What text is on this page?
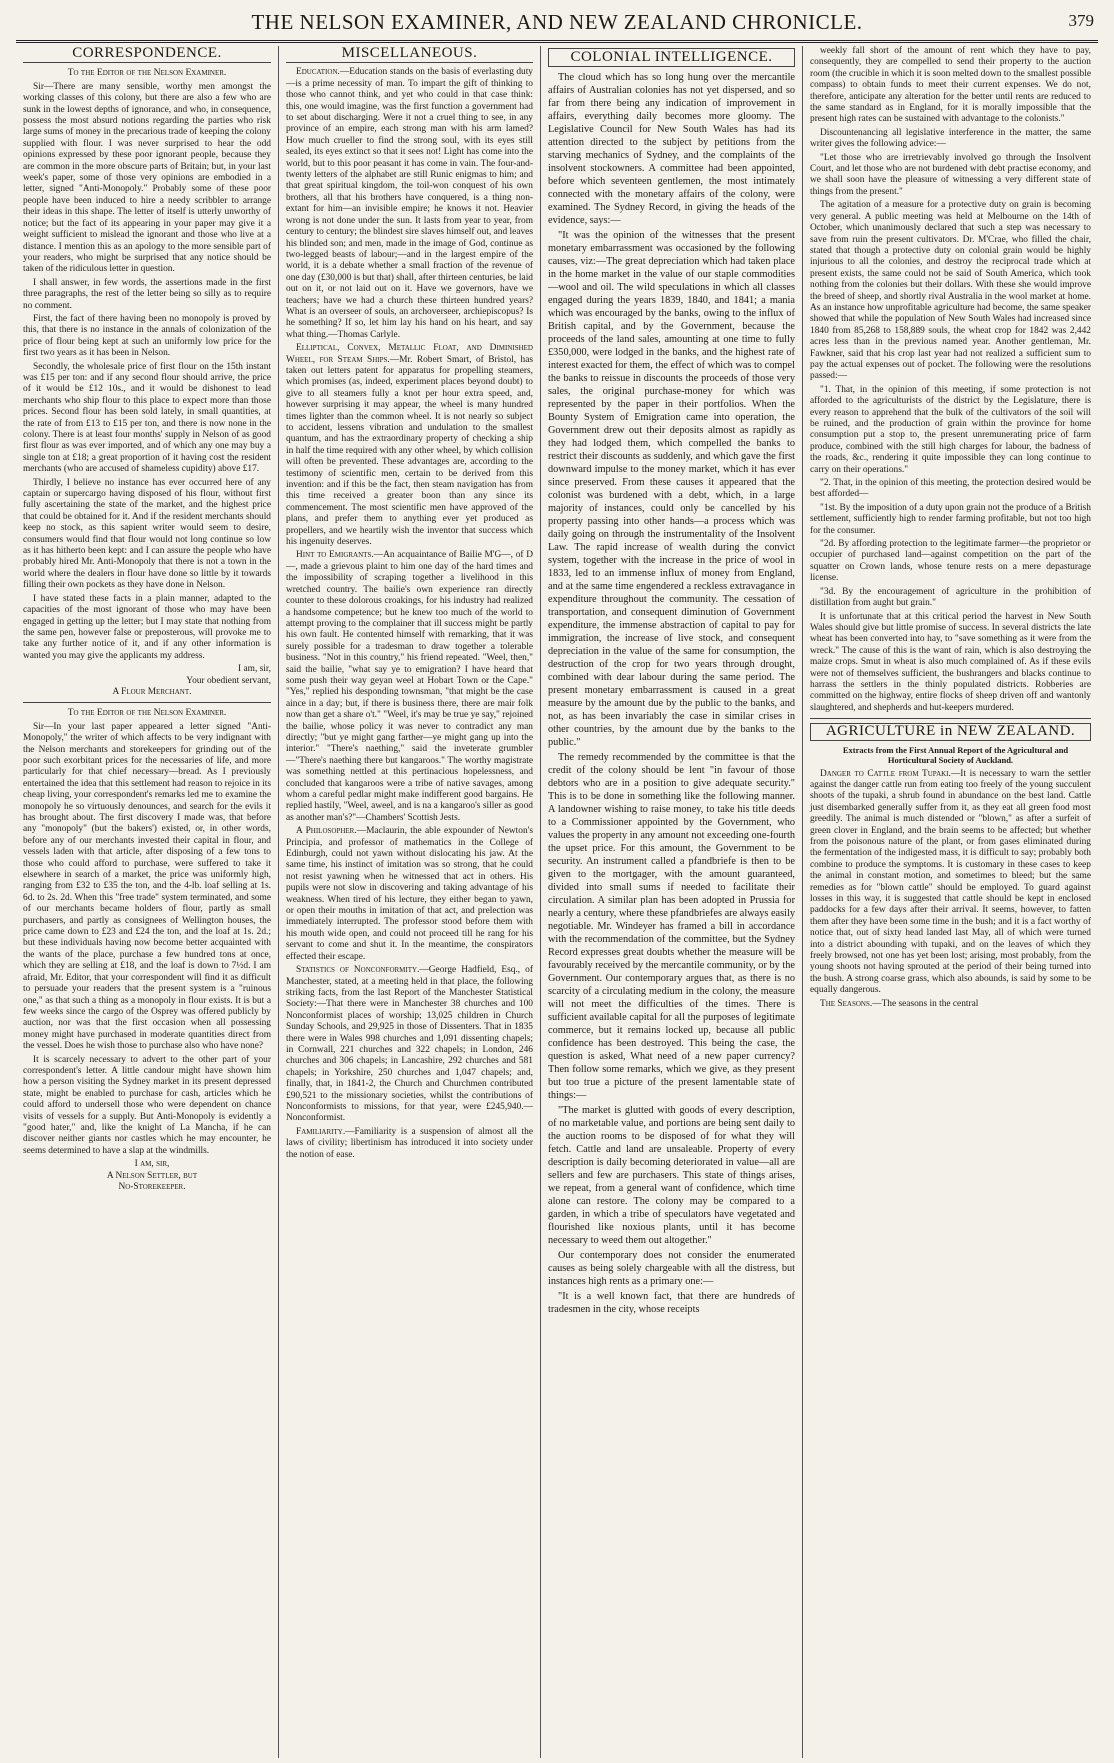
THE NELSON EXAMINER, AND NEW ZEALAND CHRONICLE.	379
CORRESPONDENCE.
To the Editor of the Nelson Examiner.

Sir—There are many sensible, worthy men amongst the working classes of this colony, but there are also a few who are sunk in the lowest depths of ignorance, and who, in consequence, possess the most absurd notions regarding the parties who risk large sums of money in the precarious trade of keeping the colony supplied with flour. I was never surprised to hear the odd opinions expressed by these poor ignorant people, because they are common in the more obscure parts of Britain; but, in your last week's paper, some of those very opinions are embodied in a letter, signed "Anti-Monopoly." Probably some of these poor people have been induced to hire a needy scribbler to arrange their ideas in this shape. The letter of itself is utterly unworthy of notice; but the fact of its appearing in your paper may give it a weight sufficient to mislead the ignorant and those who live at a distance. I mention this as an apology to the more sensible part of your readers, who might be surprised that any notice should be taken of the ridiculous letter in question.

I shall answer, in few words, the assertions made in the first three paragraphs, the rest of the letter being so silly as to require no comment.

First, the fact of there having been no monopoly is proved by this, that there is no instance in the annals of colonization of the price of flour being kept at such an uniformly low price for the first two years as it has been in Nelson.

Secondly, the wholesale price of first flour on the 15th instant was £15 per ton: and if any second flour should arrive, the price of it would be £12 10s., and it would be dishonest to lead merchants who ship flour to this place to expect more than those prices. Second flour has been sold lately, in small quantities, at the rate of from £13 to £15 per ton, and there is now none in the colony. There is at least four months' supply in Nelson of as good first flour as was ever imported, and of which any one may buy a single ton at £18; a great proportion of it having cost the resident merchants (who are accused of shameless cupidity) above £17.

Thirdly, I believe no instance has ever occurred here of any captain or supercargo having disposed of his flour, without first fully ascertaining the state of the market, and the highest price that could be obtained for it. And if the resident merchants should keep no stock, as this sapient writer would seem to desire, consumers would find that flour would not long continue so low as it has hitherto been kept: and I can assure the people who have probably hired Mr. Anti-Monopoly that there is not a town in the world where the dealers in flour have done so little by it towards filling their own pockets as they have done in Nelson.

I have stated these facts in a plain manner, adapted to the capacities of the most ignorant of those who may have been engaged in getting up the letter; but I may state that nothing from the same pen, however false or preposterous, will provoke me to take any further notice of it, and if any other information is wanted you may give the applicants my address.

I am, sir,

Your obedient servant,

A Flour Merchant.

To the Editor of the Nelson Examiner.

Sir—In your last paper appeared a letter signed "Anti-Monopoly," the writer of which affects to be very indignant with the Nelson merchants and storekeepers for grinding out of the poor such exorbitant prices for the necessaries of life, and more particularly for that chief necessary—bread. As I previously entertained the idea that this settlement had reason to rejoice in its cheap living, your correspondent's remarks led me to examine the monopoly he so virtuously denounces, and search for the evils it has brought about. The first discovery I made was, that before any "monopoly" (but the bakers') existed, or, in other words, before any of our merchants invested their capital in flour, and vessels laden with that article, after disposing of a few tons to those who could afford to purchase, were suffered to take it elsewhere in search of a market, the price was uniformly high, ranging from £32 to £35 the ton, and the 4-lb. loaf selling at 1s. 6d. to 2s. 2d. When this "free trade" system terminated, and some of our merchants became holders of flour, partly as small purchasers, and partly as consignees of Wellington houses, the price came down to £23 and £24 the ton, and the loaf at 1s. 2d.; but these individuals having now become better acquainted with the wants of the place, purchase a few hundred tons at once, which they are selling at £18, and the loaf is down to 7½d. I am afraid, Mr. Editor, that your correspondent will find it as difficult to persuade your readers that the present system is a "ruinous one," as that such a thing as a monopoly in flour exists. It is but a few weeks since the cargo of the Osprey was offered publicly by auction, nor was that the first occasion when all possessing money might have purchased in moderate quantities direct from the vessel. Does he wish those to purchase also who have none?

It is scarcely necessary to advert to the other part of your correspondent's letter. A little candour might have shown him how a person visiting the Sydney market in its present depressed state, might be enabled to purchase for cash, articles which he could afford to undersell those who were dependent on chance visits of vessels for a supply. But Anti-Monopoly is evidently a "good hater," and, like the knight of La Mancha, if he can discover neither giants nor castles which he may encounter, he seems determined to have a slap at the windmills.

I am, sir,

A Nelson Settler, but

No-Storekeeper.

MISCELLANEOUS.

Education.—Education stands on the basis of everlasting duty—is a prime necessity of man. To impart the gift of thinking to those who cannot think, and yet who could in that case think: this, one would imagine, was the first function a government had to set about discharging. Were it not a cruel thing to see, in any province of an empire, each strong man with his arm lamed? How much crueller to find the strong soul, with its eyes still sealed, its eyes extinct so that it sees not! Light has come into the world, but to this poor peasant it has come in vain. The four-and-twenty letters of the alphabet are still Runic enigmas to him; and that great spiritual kingdom, the toil-won conquest of his own brothers, all that his brothers have conquered, is a thing non-extant for him—an invisible empire; he knows it not. Heavier wrong is not done under the sun. It lasts from year to year, from century to century; the blindest sire slaves himself out, and leaves his blinded son; and men, made in the image of God, continue as two-legged beasts of labour;—and in the largest empire of the world, it is a debate whether a small fraction of the revenue of one day (£30,000 is but that) shall, after thirteen centuries, be laid out on it, or not laid out on it. Have we governors, have we teachers; have we had a church these thirteen hundred years? What is an overseer of souls, an archoverseer, archiepiscopus? Is he something? If so, let him lay his hand on his heart, and say what thing.—Thomas Carlyle.

Elliptical, Convex, Metallic Float, and Diminished Wheel, for Steam Ships.—Mr. Robert Smart, of Bristol, has taken out letters patent for apparatus for propelling steamers, which promises (as, indeed, experiment places beyond doubt) to give to all steamers fully a knot per hour extra speed, and, however surprising it may appear, the wheel is many hundred times lighter than the common wheel. It is not nearly so subject to accident, lessens vibration and undulation to the smallest quantum, and has the extraordinary property of checking a ship in half the time required with any other wheel, by which collision will often be prevented. These advantages are, according to the testimony of scientific men, certain to be derived from this invention: and if this be the fact, then steam navigation has from this time received a greater boon than any since its commencement. The most scientific men have approved of the plans, and prefer them to anything ever yet produced as propellers, and we heartily wish the inventor that success which his ingenuity deserves.

Hint to Emigrants.—An acquaintance of Bailie M'G—, of D—, made a grievous plaint to him one day of the hard times and the impossibility of scraping together a livelihood in this wretched country. The bailie's own experience ran directly counter to these dolorous croakings, for his industry had realized a handsome competence; but he knew too much of the world to attempt proving to the complainer that ill success might be partly his own fault. He contented himself with remarking, that it was surely possible for a tradesman to draw together a tolerable business. "Not in this country," his friend repeated. "Weel, then," said the bailie, "what say ye to emigration? I have heard that some push their way geyan weel at Hobart Town or the Cape." "Yes," replied his desponding townsman, "that might be the case aince in a day; but, if there is business there, there are mair folk now than get a share o't." "Weel, it's may be true ye say," rejoined the bailie, whose policy it was never to contradict any man directly; "but ye might gang farther—ye might gang up into the interior." "There's naething," said the inveterate grumbler—"There's naething there but kangaroos." The worthy magistrate was something nettled at this pertinacious hopelessness, and concluded that kangaroos were a tribe of native savages, among whom a careful pedlar might make indifferent good bargains. He replied hastily, "Weel, aweel, and is na a kangaroo's siller as good as another man's?"—Chambers' Scottish Jests.

A Philosopher.—Maclaurin, the able expounder of Newton's Principia, and professor of mathematics in the College of Edinburgh, could not yawn without dislocating his jaw. At the same time, his instinct of imitation was so strong, that he could not resist yawning when he witnessed that act in others. His pupils were not slow in discovering and taking advantage of his weakness. When tired of his lecture, they either began to yawn, or open their mouths in imitation of that act, and prelection was immediately interrupted. The professor stood before them with his mouth wide open, and could not proceed till he rang for his servant to come and shut it. In the meantime, the conspirators effected their escape.

Statistics of Nonconformity.—George Hadfield, Esq., of Manchester, stated, at a meeting held in that place, the following striking facts, from the last Report of the Manchester Statistical Society:—That there were in Manchester 38 churches and 100 Nonconformist places of worship; 13,025 children in Church Sunday Schools, and 29,925 in those of Dissenters. That in 1835 there were in Wales 998 churches and 1,091 dissenting chapels; in Cornwall, 221 churches and 322 chapels; in London, 246 churches and 306 chapels; in Lancashire, 292 churches and 581 chapels; in Yorkshire, 250 churches and 1,047 chapels; and, finally, that, in 1841-2, the Church and Churchmen contributed £90,521 to the missionary societies, whilst the contributions of Nonconformists to missions, for that year, were £245,940.—Nonconformist.

Familiarity.—Familiarity is a suspension of almost all the laws of civility; libertinism has introduced it into society under the notion of ease.

COLONIAL INTELLIGENCE.

The cloud which has so long hung over the mercantile affairs of Australian colonies has not yet dispersed, and so far from there being any indication of improvement in affairs, everything daily becomes more gloomy. The Legislative Council for New South Wales has had its attention directed to the subject by petitions from the starving mechanics of Sydney, and the complaints of the insolvent stockowners. A committee had been appointed, before which seventeen gentlemen, the most intimately connected with the monetary affairs of the colony, were examined. The Sydney Record, in giving the heads of the evidence, says:—

"It was the opinion of the witnesses that the present monetary embarrassment was occasioned by the following causes, viz:—The great depreciation which had taken place in the home market in the value of our staple commodities—wool and oil. The wild speculations in which all classes engaged during the years 1839, 1840, and 1841; a mania which was encouraged by the banks, owing to the influx of British capital, and by the Government, because the proceeds of the land sales, amounting at one time to fully £350,000, were lodged in the banks, and the highest rate of interest exacted for them, the effect of which was to compel the banks to reissue in discounts the proceeds of those very sales, the original purchase-money for which was represented by the paper in their portfolios. When the Bounty System of Emigration came into operation, the Government drew out their deposits almost as rapidly as they had lodged them, which compelled the banks to restrict their discounts as suddenly, and which gave the first downward impulse to the money market, which it has ever since preserved. From these causes it appeared that the colonist was burdened with a debt, which, in a large majority of instances, could only be cancelled by his property passing into other hands—a process which was daily going on through the instrumentality of the Insolvent Law. The rapid increase of wealth during the convict system, together with the increase in the price of wool in 1833, led to an immense influx of money from England, and at the same time engendered a reckless extravagance in expenditure throughout the community. The cessation of transportation, and consequent diminution of Government expenditure, the immense abstraction of capital to pay for immigration, the increase of live stock, and consequent depreciation in the value of the same for consumption, the destruction of the crop for two years through drought, combined with dear labour during the same period. The present monetary embarrassment is caused in a great measure by the amount due by the public to the banks, and not, as has been invariably the case in similar crises in other countries, by the amount due by the banks to the public."

The remedy recommended by the committee is that the credit of the colony should be lent "in favour of those debtors who are in a position to give adequate security." This is to be done in something like the following manner. A landowner wishing to raise money, to take his title deeds to a Commissioner appointed by the Government, who values the property in any amount not exceeding one-fourth the upset price. For this amount, the Government to be security. An instrument called a pfandbriefe is then to be given to the mortgager, with the amount guaranteed, divided into small sums if needed to facilitate their circulation. A similar plan has been adopted in Prussia for nearly a century, where these pfandbriefes are always easily negotiable. Mr. Windeyer has framed a bill in accordance with the recommendation of the committee, but the Sydney Record expresses great doubts whether the measure will be favourably received by the mercantile community, or by the Government. Our contemporary argues that, as there is no scarcity of a circulating medium in the colony, the measure will not meet the difficulties of the times. There is sufficient available capital for all the purposes of legitimate commerce, but it remains locked up, because all public confidence has been destroyed. This being the case, the question is asked, What need of a new paper currency? Then follow some remarks, which we give, as they present but too true a picture of the present lamentable state of things:—

"The market is glutted with goods of every description, of no marketable value, and portions are being sent daily to the auction rooms to be disposed of for what they will fetch. Cattle and land are unsaleable. Property of every description is daily becoming deteriorated in value—all are sellers and few are purchasers. This state of things arises, we repeat, from a general want of confidence, which time alone can restore. The colony may be compared to a garden, in which a tribe of speculators have vegetated and flourished like noxious plants, until it has become necessary to weed them out altogether."

Our contemporary does not consider the enumerated causes as being solely chargeable with all the distress, but instances high rents as a primary one:—

"It is a well known fact, that there are hundreds of tradesmen in the city, whose receipts

weekly fall short of the amount of rent which they have to pay, consequently, they are compelled to send their property to the auction room (the crucible in which it is soon melted down to the smallest possible compass) to obtain funds to meet their current expenses. We do not, therefore, anticipate any alteration for the better until rents are reduced to the same standard as in England, for it is morally impossible that the present high rates can be sustained with advantage to the colonists."

Discountenancing all legislative interference in the matter, the same writer gives the following advice:—

"Let those who are irretrievably involved go through the Insolvent Court, and let those who are not burdened with debt practise economy, and we shall soon have the pleasure of witnessing a very different state of things from the present."

The agitation of a measure for a protective duty on grain is becoming very general. A public meeting was held at Melbourne on the 14th of October, which unanimously declared that such a step was necessary to save from ruin the present cultivators. Dr. M'Crae, who filled the chair, stated that though a protective duty on colonial grain would be highly injurious to all the colonies, and destroy the reciprocal trade which at present exists, the same could not be said of South America, which took nothing from the colonies but their dollars. With these she would improve the breed of sheep, and shortly rival Australia in the wool market at home. As an instance how unprofitable agriculture had become, the same speaker showed that while the population of New South Wales had increased since 1840 from 85,268 to 158,889 souls, the wheat crop for 1842 was 2,442 acres less than in the previous named year. Another gentleman, Mr. Fawkner, said that his crop last year had not realized a sufficient sum to pay the actual expenses out of pocket. The following were the resolutions passed:—

"1. That, in the opinion of this meeting, if some protection is not afforded to the agriculturists of the district by the Legislature, there is every reason to apprehend that the bulk of the cultivators of the soil will be ruined, and the production of grain within the province for home consumption put a stop to, the present unremunerating price of farm produce, combined with the still high charges for labour, the badness of the roads, &c., rendering it quite impossible they can long continue to carry on their operations."

"2. That, in the opinion of this meeting, the protection desired would be best afforded—

"1st. By the imposition of a duty upon grain not the produce of a British settlement, sufficiently high to render farming profitable, but not too high for the consumer.

"2d. By affording protection to the legitimate farmer—the proprietor or occupier of purchased land—against competition on the part of the squatter on Crown lands, whose tenure rests on a mere depasturage license.

"3d. By the encouragement of agriculture in the prohibition of distillation from aught but grain."

It is unfortunate that at this critical period the harvest in New South Wales should give but little promise of success. In several districts the late wheat has been converted into hay, to "save something as it were from the wreck." The cause of this is the want of rain, which is also destroying the maize crops. Smut in wheat is also much complained of. As if these evils were not of themselves sufficient, the bushrangers and blacks continue to harrass the settlers in the thinly populated districts. Robberies are committed on the highway, entire flocks of sheep driven off and wantonly slaughtered, and shepherds and hut-keepers murdered.

AGRICULTURE in NEW ZEALAND.

Extracts from the First Annual Report of the Agricultural and Horticultural Society of Auckland.

Danger to Cattle from Tupaki.—It is necessary to warn the settler against the danger cattle run from eating too freely of the young succulent shoots of the tupaki, a shrub found in abundance on the best land. Cattle just disembarked generally suffer from it, as they eat all green food most greedily. The animal is much distended or "blown," as after a surfeit of green clover in England, and the brain seems to be affected; but whether from the poisonous nature of the plant, or from gases eliminated during the fermentation of the indigested mass, it is difficult to say; probably both combine to produce the symptoms. It is customary in these cases to keep the animal in constant motion, and sometimes to bleed; but the same remedies as for "blown cattle" should be employed. To guard against losses in this way, it is suggested that cattle should be kept in enclosed paddocks for a few days after their arrival. It seems, however, to fatten them after they have been some time in the bush; and it is a fact worthy of notice that, out of sixty head landed last May, all of which were turned into a district abounding with tupaki, and on the leaves of which they freely browsed, not one has yet been lost; arising, most probably, from the young shoots not having sprouted at the period of their being turned into the bush. A strong coarse grass, which also abounds, is said by some to be equally dangerous.

The Seasons.—The seasons in the central
